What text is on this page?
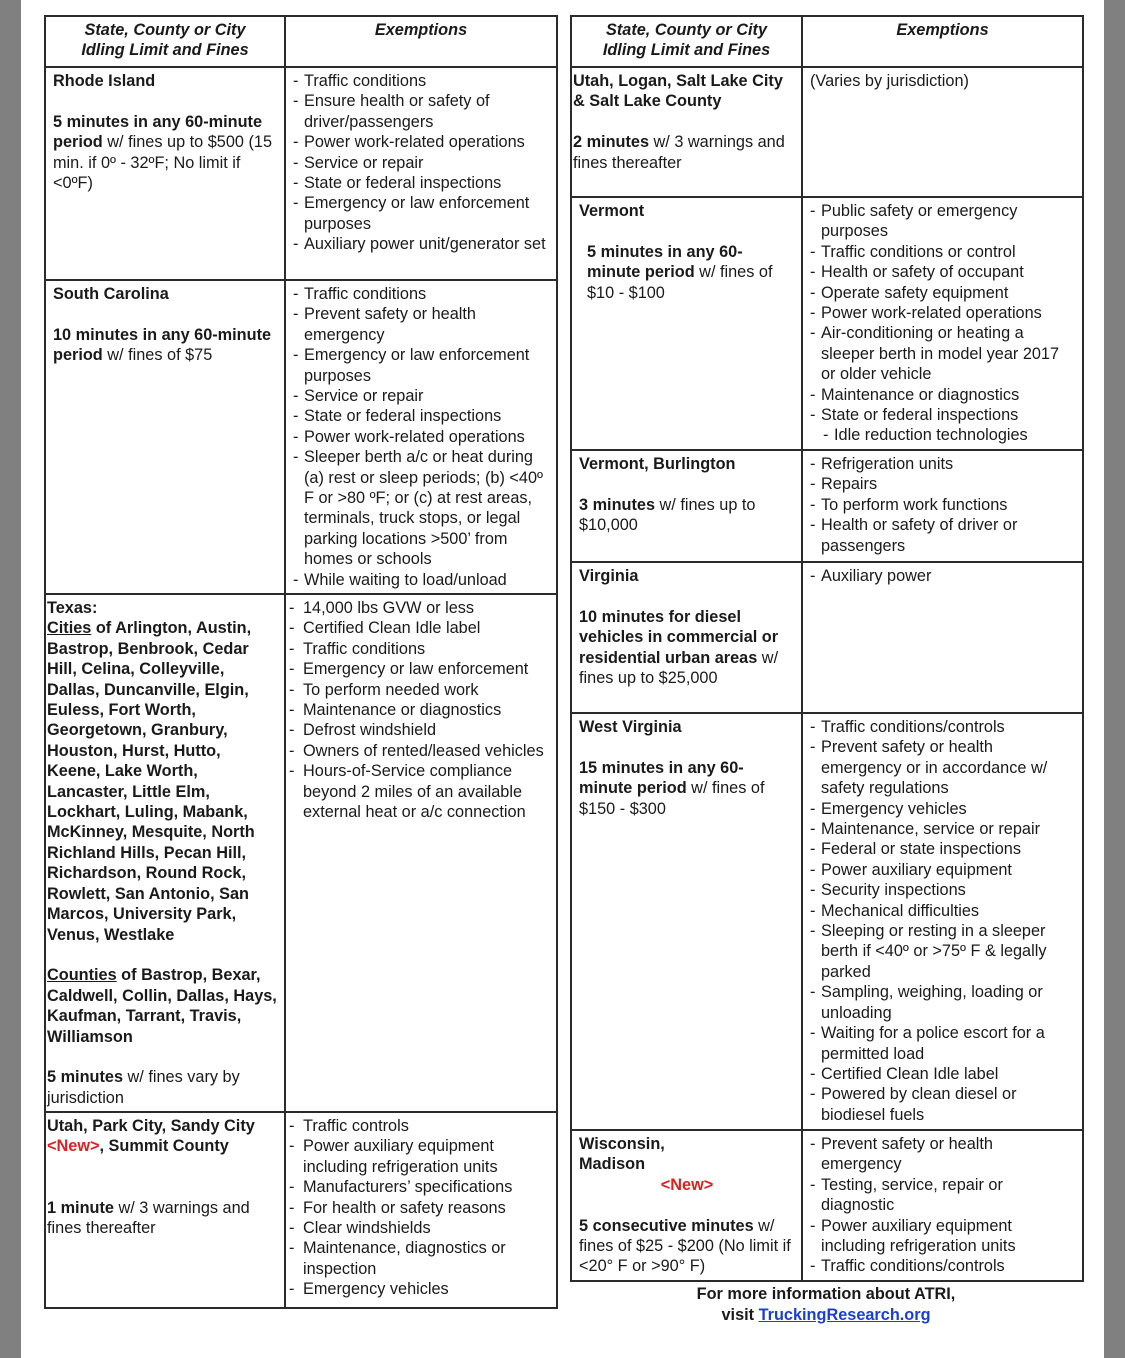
State, County or City
Idling Limit and Fines	Exemptions

Rhode Island
5 minutes in any 60-minute period w/ fines up to $500 (15 min. if 0º - 32ºF; No limit if <0ºF)	
- Traffic conditions
- Ensure health or safety of driver/passengers
- Power work-related operations
- Service or repair
- State or federal inspections
- Emergency or law enforcement purposes
- Auxiliary power unit/generator set

South Carolina
10 minutes in any 60-minute period w/ fines of $75	
- Traffic conditions
- Prevent safety or health emergency
- Emergency or law enforcement purposes
- Service or repair
- State or federal inspections
- Power work-related operations
- Sleeper berth a/c or heat during (a) rest or sleep periods; (b) <40º F or >80 ºF; or (c) at rest areas, terminals, truck stops, or legal parking locations >500’ from homes or schools
- While waiting to load/unload

Texas:
Cities of Arlington, Austin, Bastrop, Benbrook, Cedar Hill, Celina, Colleyville, Dallas, Duncanville, Elgin, Euless, Fort Worth, Georgetown, Granbury, Houston, Hurst, Hutto, Keene, Lake Worth, Lancaster, Little Elm, Lockhart, Luling, Mabank, McKinney, Mesquite, North Richland Hills, Pecan Hill, Richardson, Round Rock, Rowlett, San Antonio, San Marcos, University Park, Venus, Westlake
Counties of Bastrop, Bexar, Caldwell, Collin, Dallas, Hays, Kaufman, Tarrant, Travis, Williamson
5 minutes w/ fines vary by jurisdiction	
- 14,000 lbs GVW or less
- Certified Clean Idle label
- Traffic conditions
- Emergency or law enforcement
- To perform needed work
- Maintenance or diagnostics
- Defrost windshield
- Owners of rented/leased vehicles
- Hours-of-Service compliance beyond 2 miles of an available external heat or a/c connection

Utah, Park City, Sandy City <New>, Summit County
1 minute w/ 3 warnings and fines thereafter	
- Traffic controls
- Power auxiliary equipment including refrigeration units
- Manufacturers’ specifications
- For health or safety reasons
- Clear windshields
- Maintenance, diagnostics or inspection
- Emergency vehicles
State, County or City
Idling Limit and Fines	Exemptions

Utah, Logan, Salt Lake City & Salt Lake County
2 minutes w/ 3 warnings and fines thereafter	(Varies by jurisdiction)

Vermont
5 minutes in any 60-minute period w/ fines of $10 - $100

- Public safety or emergency purposes
- Traffic conditions or control
- Health or safety of occupant
- Operate safety equipment
- Power work-related operations
- Air-conditioning or heating a sleeper berth in model year 2017 or older vehicle
- Maintenance or diagnostics
- State or federal inspections
- Idle reduction technologies

Vermont, Burlington
3 minutes w/ fines up to $10,000	
- Refrigeration units
- Repairs
- To perform work functions
- Health or safety of driver or passengers

Virginia
10 minutes for diesel vehicles in commercial or residential urban areas w/ fines up to $25,000	
- Auxiliary power

West Virginia
15 minutes in any 60-minute period w/ fines of $150 - $300	
- Traffic conditions/controls
- Prevent safety or health emergency or in accordance w/ safety regulations
- Emergency vehicles
- Maintenance, service or repair
- Federal or state inspections
- Power auxiliary equipment
- Security inspections
- Mechanical difficulties
- Sleeping or resting in a sleeper berth if <40º or >75º F & legally parked
- Sampling, weighing, loading or unloading
- Waiting for a police escort for a permitted load
- Certified Clean Idle label
- Powered by clean diesel or biodiesel fuels

Wisconsin,
Madison
<New>
5 consecutive minutes w/ fines of $25 - $200 (No limit if <20° F or >90° F)	
- Prevent safety or health emergency
- Testing, service, repair or diagnostic
- Power auxiliary equipment including refrigeration units
- Traffic conditions/controls
For more information about ATRI,
visit TruckingResearch.org
